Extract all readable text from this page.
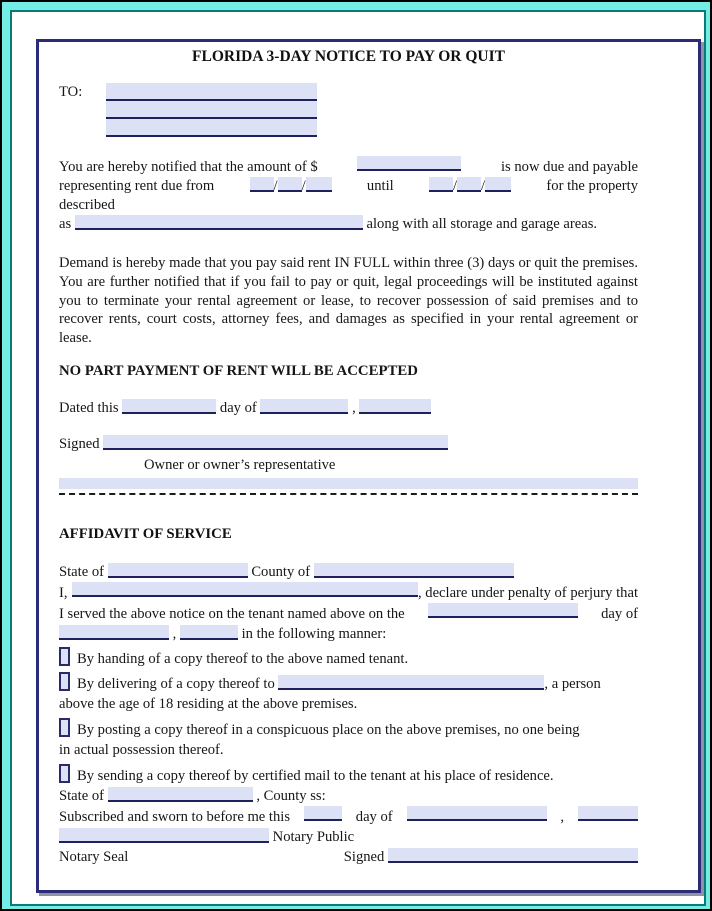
FLORIDA 3-DAY NOTICE TO PAY OR QUIT
TO:
You are hereby notified that the amount of $	is now due and payable
representing rent due from	/ /	until	/ /	for the property
described
as	along with all storage and garage areas.

Demand is hereby made that you pay said rent IN FULL within three (3) days or quit the premises. You are further notified that if you fail to pay or quit, legal proceedings will be instituted against you to terminate your rental agreement or lease, to recover possession of said premises and to recover rents, court costs, attorney fees, and damages as specified in your rental agreement or lease.

NO PART PAYMENT OF RENT WILL BE ACCEPTED
Dated this	day of	,
Signed
Owner or owner’s representative
AFFIDAVIT OF SERVICE
State of	County of
I,	, declare under penalty of perjury that
I served the above notice on the tenant named above on the	day of
,	in the following manner:
By handing of a copy thereof to the above named tenant.
By delivering of a copy thereof to	, a person
above the age of 18 residing at the above premises.
By posting a copy thereof in a conspicuous place on the above premises, no one being
in actual possession thereof.
By sending a copy thereof by certified mail to the tenant at his place of residence.
State of	, County ss:
Subscribed and sworn to before me this	day of	,
Notary Public
Notary Seal	Signed
